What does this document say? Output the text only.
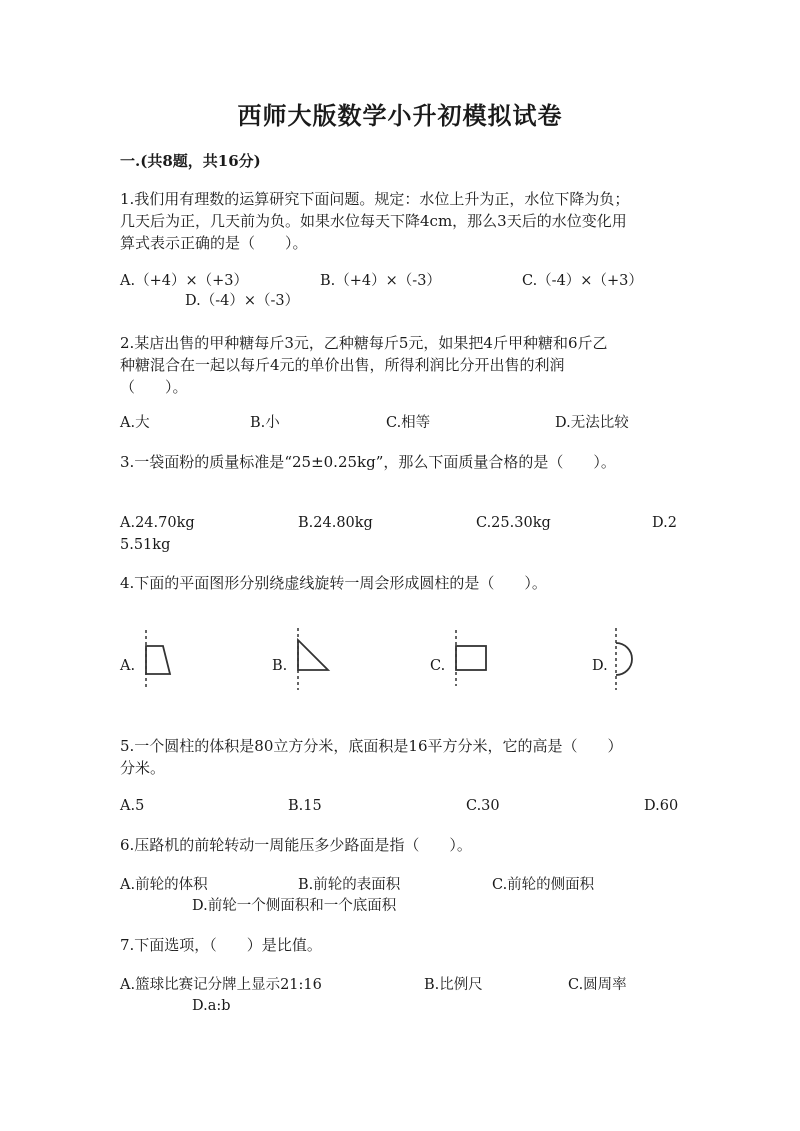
西师大版数学小升初模拟试卷
一.(共8题，共16分)
1.我们用有理数的运算研究下面问题。规定：水位上升为正，水位下降为负；
几天后为正，几天前为负。如果水位每天下降4cm，那么3天后的水位变化用
算式表示正确的是（　　）。
A.（+4）×（+3）	B.（+4）×（-3）	C.（-4）×（+3）
D.（-4）×（-3）
2.某店出售的甲种糖每斤3元，乙种糖每斤5元，如果把4斤甲种糖和6斤乙
种糖混合在一起以每斤4元的单价出售，所得利润比分开出售的利润
（　　）。
A.大	B.小	C.相等	D.无法比较
3.一袋面粉的质量标准是“25±0.25kg”，那么下面质量合格的是（　　）。
A.24.70kg	B.24.80kg	C.25.30kg	D.2
5.51kg
4.下面的平面图形分别绕虚线旋转一周会形成圆柱的是（　　）。
A.	B.	C.	D.
5.一个圆柱的体积是80立方分米，底面积是16平方分米，它的高是（　　）
分米。
A.5	B.15	C.30	D.60
6.压路机的前轮转动一周能压多少路面是指（　　）。
A.前轮的体积	B.前轮的表面积	C.前轮的侧面积
D.前轮一个侧面积和一个底面积
7.下面选项，（　　）是比值。
A.篮球比赛记分牌上显示21:16	B.比例尺	C.圆周率
D.a:b
